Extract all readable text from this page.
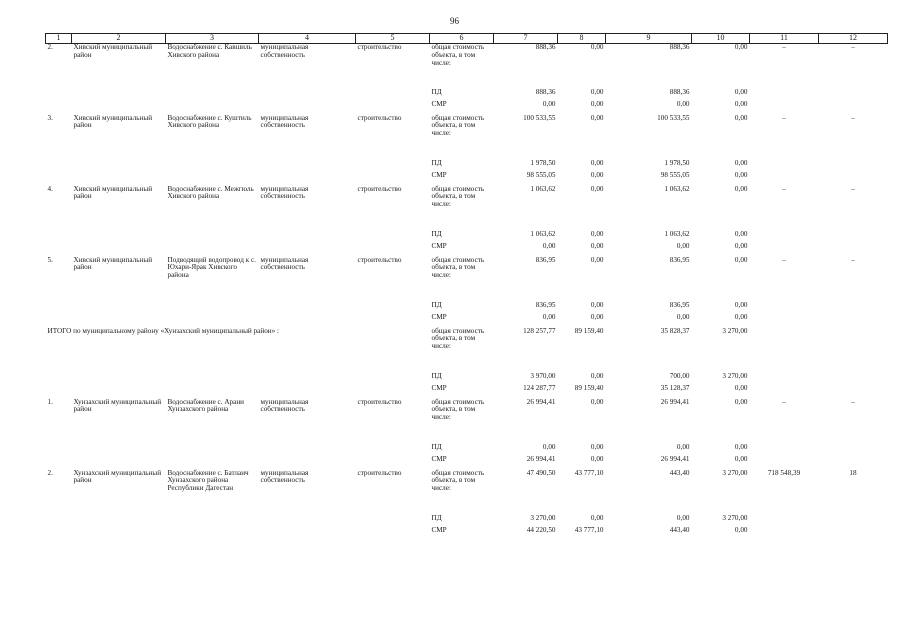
96
1	2	3	4	5	6	7	8	9	10	11	12
2.	Хивский муниципальный район	Водоснабжение с. Кавшиль Хивского района	муниципальная собственность	строительство	общая стоимость объекта, в том числе:	888,36	0,00	888,36	0,00	–	–
					ПД	888,36	0,00	888,36	0,00		
					СМР	0,00	0,00	0,00	0,00		
3.	Хивский муниципальный район	Водоснабжение с. Куштиль Хивского района	муниципальная собственность	строительство	общая стоимость объекта, в том числе:	100 533,55	0,00	100 533,55	0,00	–	–
					ПД	1 978,50	0,00	1 978,50	0,00		
					СМР	98 555,05	0,00	98 555,05	0,00		
4.	Хивский муниципальный район	Водоснабжение с. Межгюль Хивского района	муниципальная собственность	строительство	общая стоимость объекта, в том числе:	1 063,62	0,00	1 063,62	0,00	–	–
					ПД	1 063,62	0,00	1 063,62	0,00		
					СМР	0,00	0,00	0,00	0,00		
5.	Хивский муниципальный район	Подводящий водопровод к с. Юхари-Ярак Хивского района	муниципальная собственность	строительство	общая стоимость объекта, в том числе:	836,95	0,00	836,95	0,00	–	–
					ПД	836,95	0,00	836,95	0,00		
					СМР	0,00	0,00	0,00	0,00		
ИТОГО по муниципальному району «Хунзахский муниципальный район» :					общая стоимость объекта, в том числе:	128 257,77	89 159,40	35 828,37	3 270,00		
					ПД	3 970,00	0,00	700,00	3 270,00		
					СМР	124 287,77	89 159,40	35 128,37	0,00		
1.	Хунзахский муниципальный район	Водоснабжение с. Арани Хунзахского района	муниципальная собственность	строительство	общая стоимость объекта, в том числе:	26 994,41	0,00	26 994,41	0,00	–	–
					ПД	0,00	0,00	0,00	0,00		
					СМР	26 994,41	0,00	26 994,41	0,00		
2.	Хунзахский муниципальный район	Водоснабжение с. Батлаич Хунзахского района Республики Дагестан	муниципальная собственность	строительство	общая стоимость объекта, в том числе:	47 490,50	43 777,10	443,40	3 270,00	718 548,39	18
					ПД	3 270,00	0,00	0,00	3 270,00		
					СМР	44 220,50	43 777,10	443,40	0,00		
